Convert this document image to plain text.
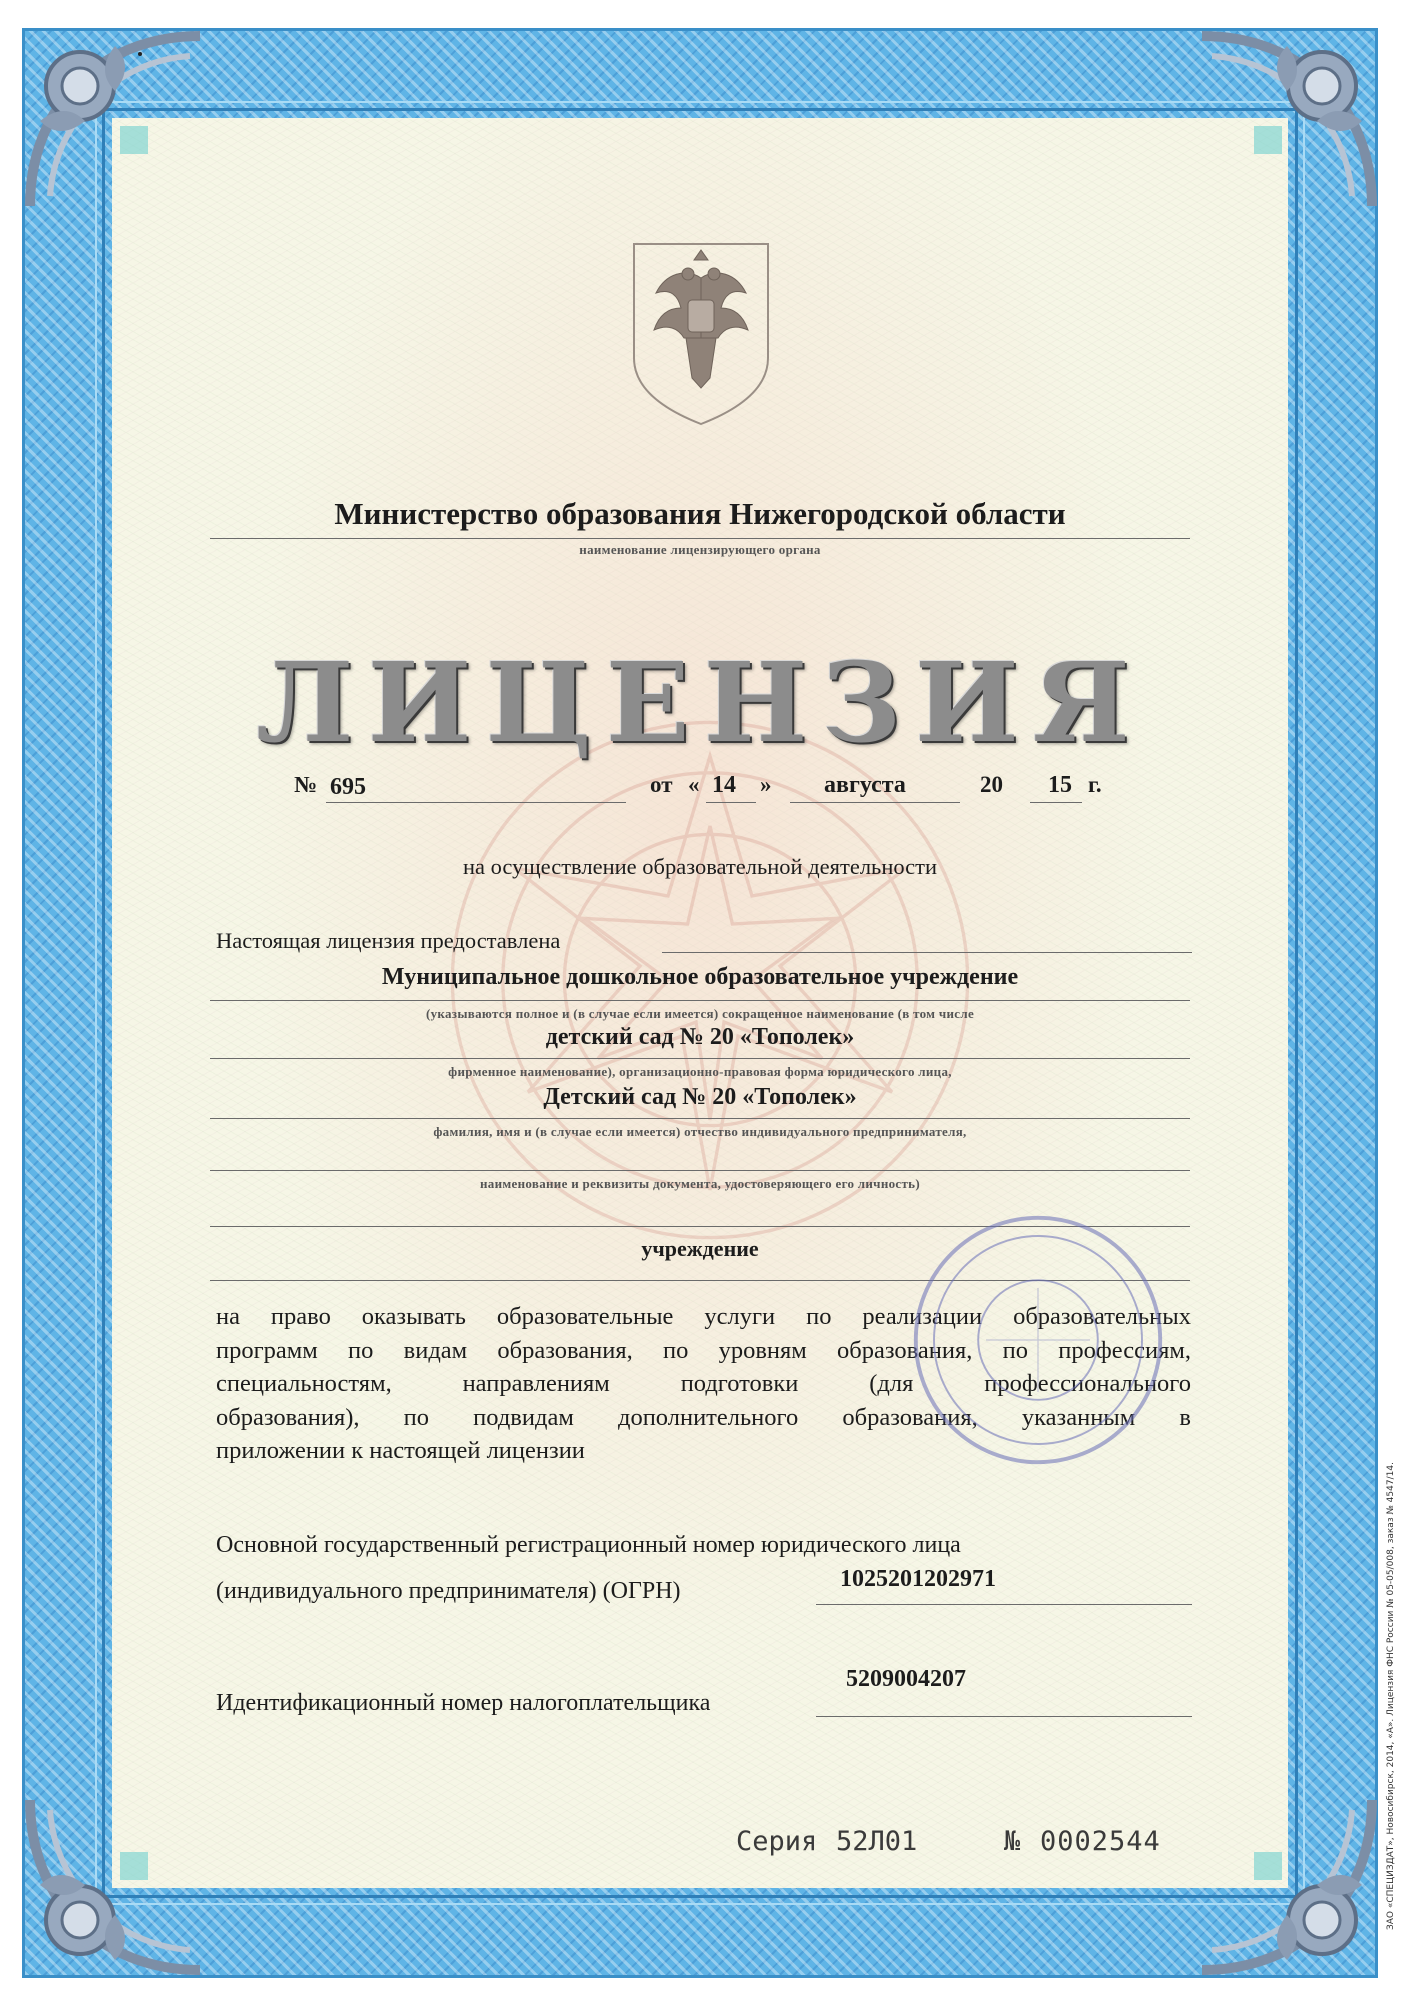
Министерство образования Нижегородской области
наименование лицензирующего органа
ЛИЦЕНЗИЯ
№ 695	от « 14 » августа	20 15 г.
на осуществление образовательной деятельности
Настоящая лицензия предоставлена
Муниципальное дошкольное образовательное учреждение
(указываются полное и (в случае если имеется) сокращенное наименование (в том числе
детский сад № 20 «Тополек»
фирменное наименование), организационно-правовая форма юридического лица,
Детский сад № 20 «Тополек»
фамилия, имя и (в случае если имеется) отчество индивидуального предпринимателя,
наименование и реквизиты документа, удостоверяющего его личность)
учреждение
на право оказывать образовательные услуги по реализации образовательных
программ по видам образования, по уровням образования, по профессиям,
специальностям, направлениям подготовки (для профессионального
образования), по подвидам дополнительного образования, указанным в
приложении к настоящей лицензии
Основной государственный регистрационный номер юридического лица
(индивидуального предпринимателя) (ОГРН)	1025201202971
5209004207
Идентификационный номер налогоплательщика
Серия 52Л01	№ 0002544	ЗАО «СПЕЦИЗДАТ», Новосибирск, 2014, «А». Лицензия ФНС России № 05-05/008, заказ № 4547/14.
